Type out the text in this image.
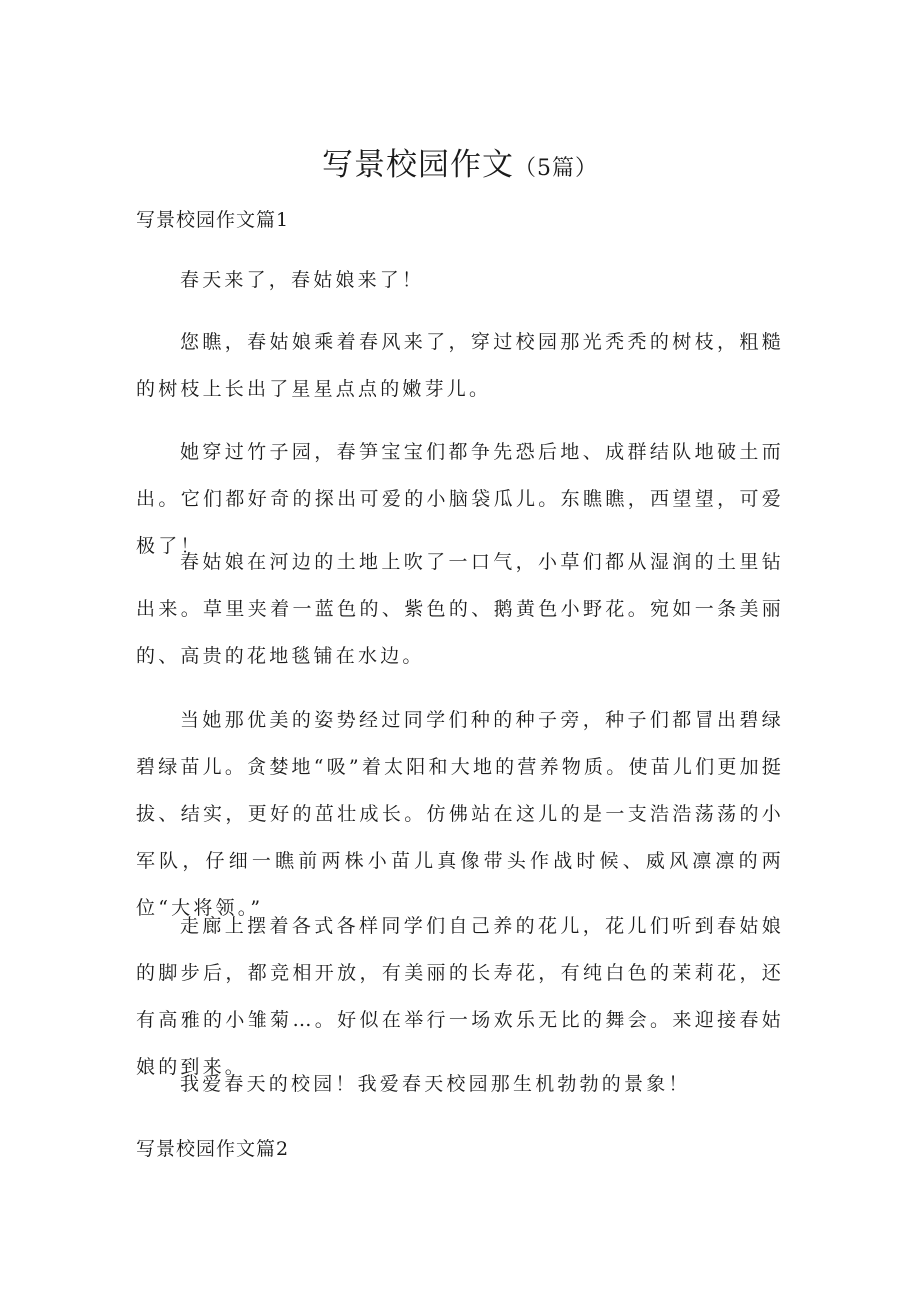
写景校园作文（5篇）
写景校园作文篇1

春天来了，春姑娘来了！

您瞧，春姑娘乘着春风来了，穿过校园那光秃秃的树枝，粗糙的树枝上长出了星星点点的嫩芽儿。

她穿过竹子园，春笋宝宝们都争先恐后地、成群结队地破土而出。它们都好奇的探出可爱的小脑袋瓜儿。东瞧瞧，西望望，可爱极了！

春姑娘在河边的土地上吹了一口气，小草们都从湿润的土里钻出来。草里夹着一蓝色的、紫色的、鹅黄色小野花。宛如一条美丽的、高贵的花地毯铺在水边。

当她那优美的姿势经过同学们种的种子旁，种子们都冒出碧绿碧绿苗儿。贪婪地“吸”着太阳和大地的营养物质。使苗儿们更加挺拔、结实，更好的茁壮成长。仿佛站在这儿的是一支浩浩荡荡的小军队，仔细一瞧前两株小苗儿真像带头作战时候、威风凛凛的两位“大将领。”

走廊上摆着各式各样同学们自己养的花儿，花儿们听到春姑娘的脚步后，都竞相开放，有美丽的长寿花，有纯白色的茉莉花，还有高雅的小雏菊…。好似在举行一场欢乐无比的舞会。来迎接春姑娘的到来。

我爱春天的校园！我爱春天校园那生机勃勃的景象！

写景校园作文篇2
